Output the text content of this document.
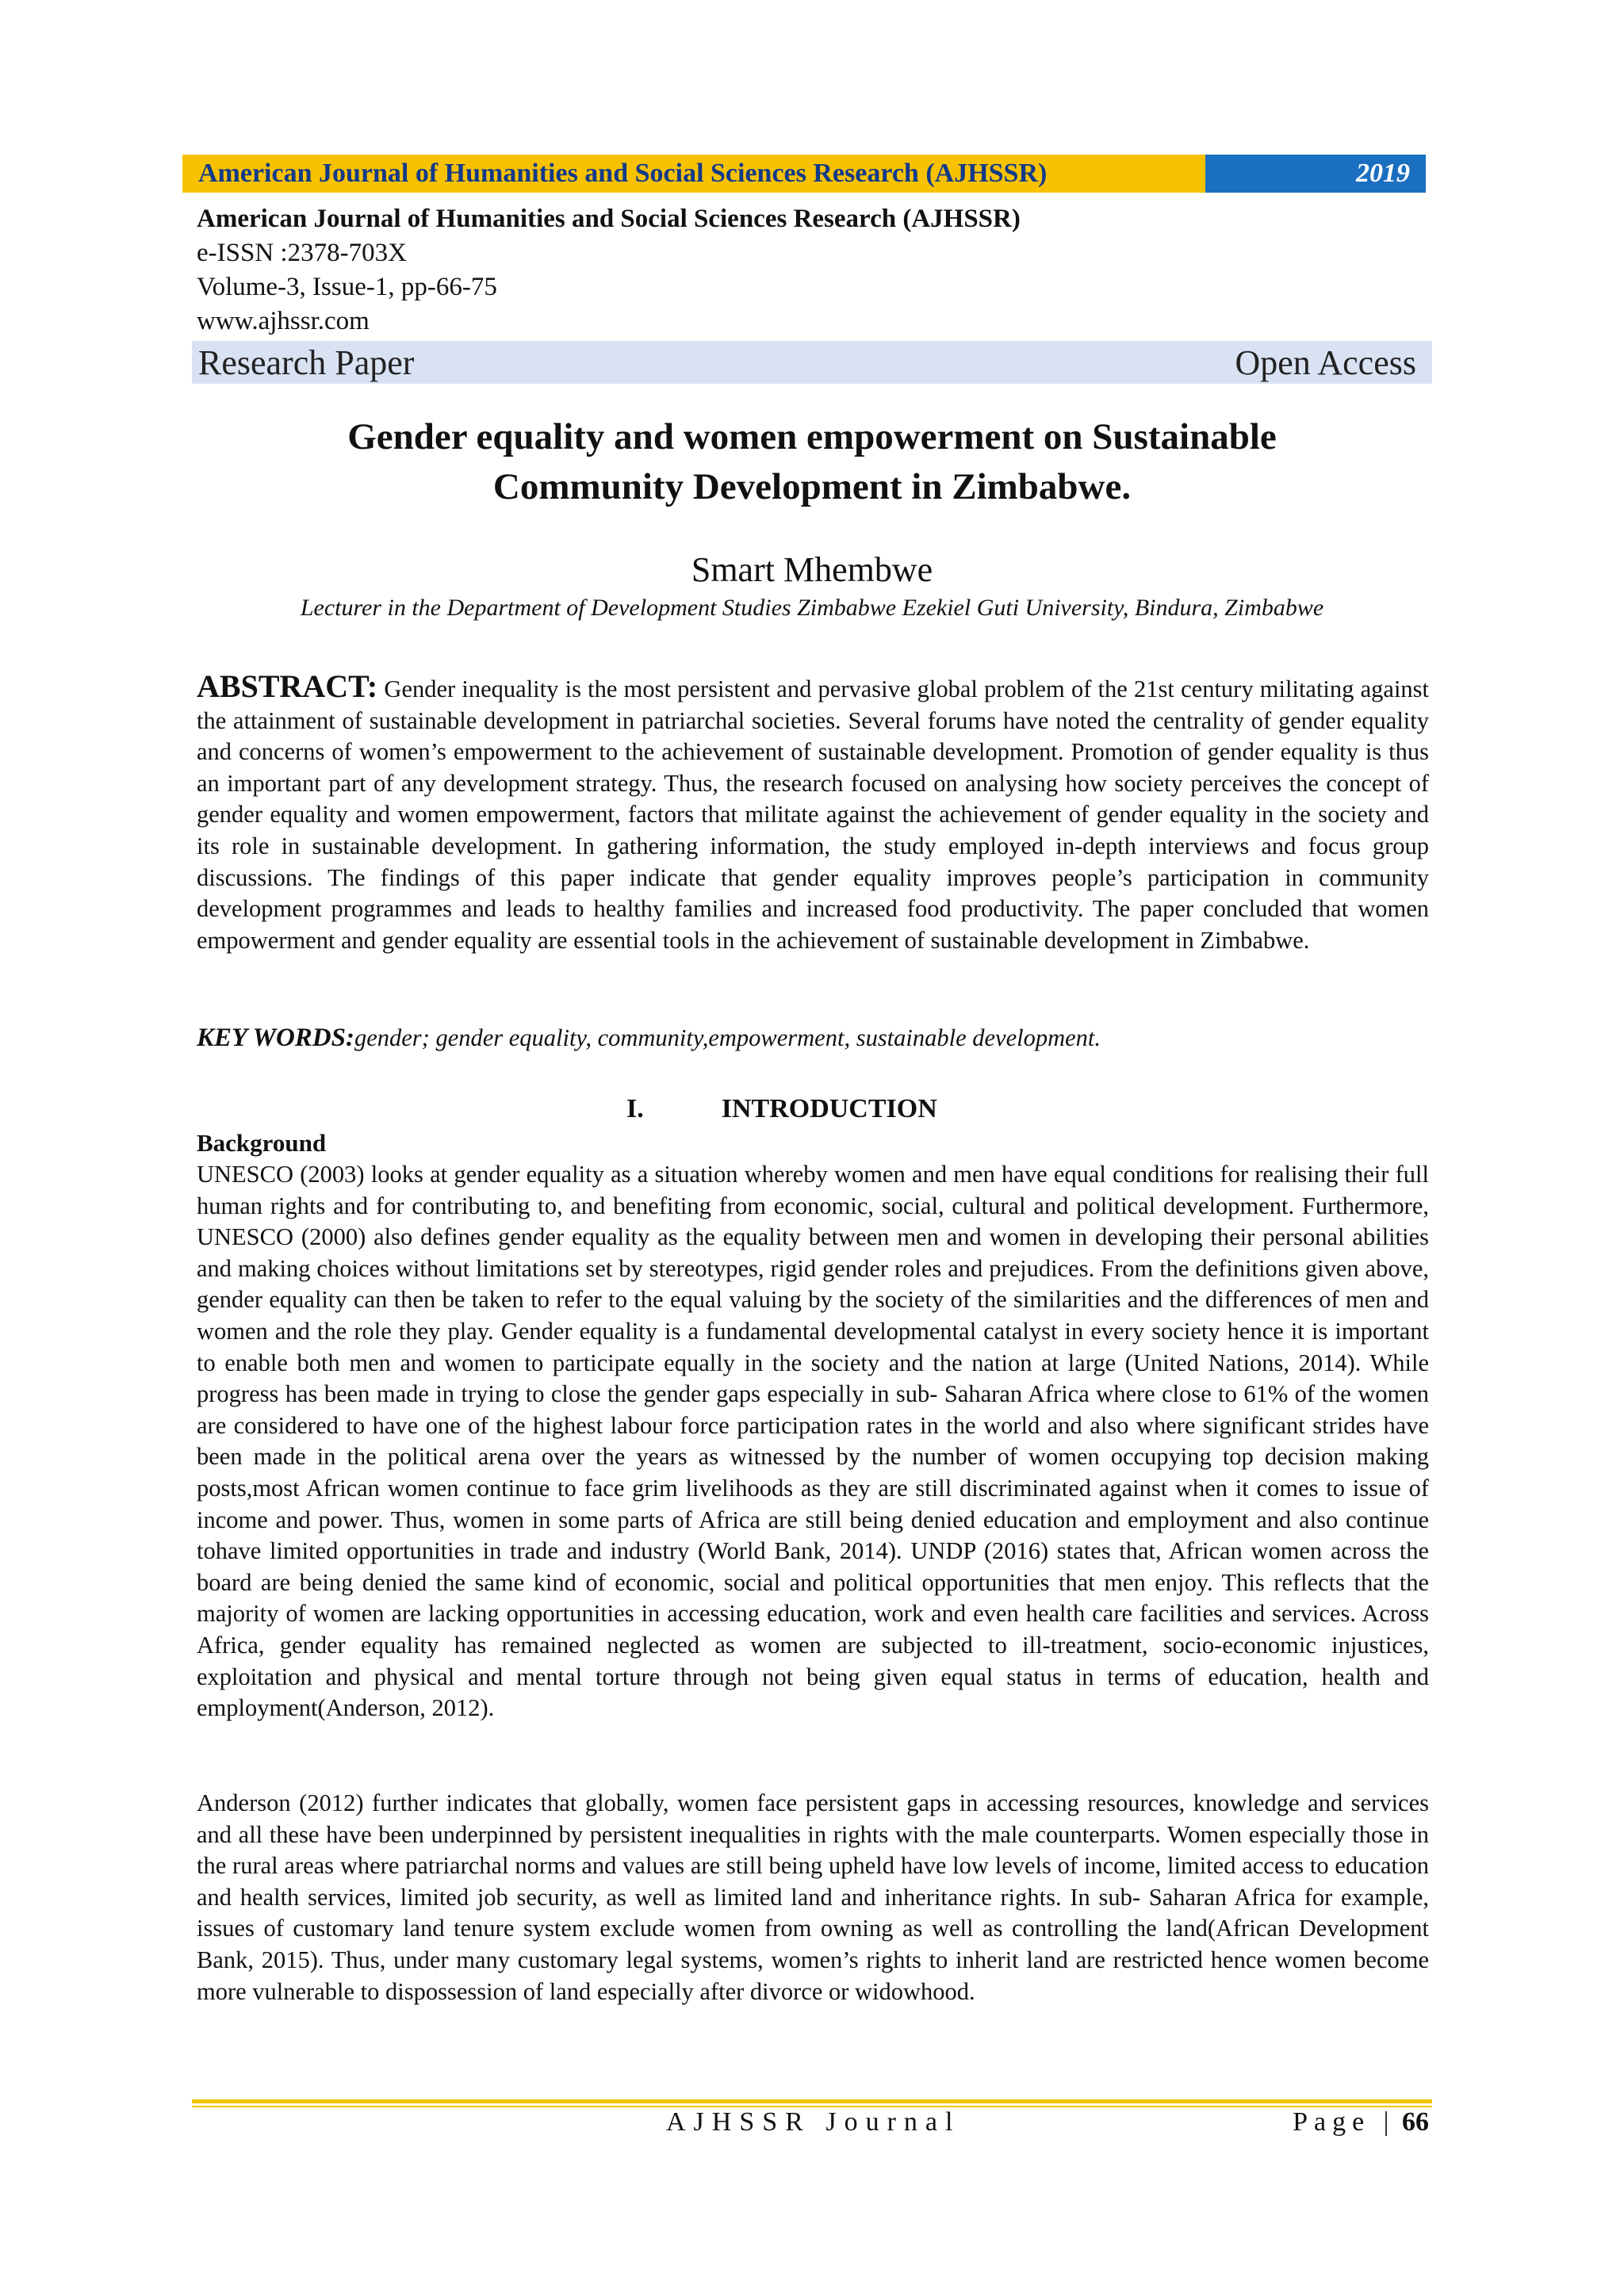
American Journal of Humanities and Social Sciences Research (AJHSSR)	2019
American Journal of Humanities and Social Sciences Research (AJHSSR)
e-ISSN :2378-703X
Volume-3, Issue-1, pp-66-75
www.ajhssr.com
Research Paper	Open Access
Gender equality and women empowerment on Sustainable
Community Development in Zimbabwe.
Smart Mhembwe
Lecturer in the Department of Development Studies Zimbabwe Ezekiel Guti University, Bindura, Zimbabwe
ABSTRACT: Gender inequality is the most persistent and pervasive global problem of the 21st century militating against the attainment of sustainable development in patriarchal societies. Several forums have noted the centrality of gender equality and concerns of women’s empowerment to the achievement of sustainable development. Promotion of gender equality is thus an important part of any development strategy. Thus, the research focused on analysing how society perceives the concept of gender equality and women empowerment, factors that militate against the achievement of gender equality in the society and its role in sustainable development. In gathering information, the study employed in-depth interviews and focus group discussions. The findings of this paper indicate that gender equality improves people’s participation in community development programmes and leads to healthy families and increased food productivity. The paper concluded that women empowerment and gender equality are essential tools in the achievement of sustainable development in Zimbabwe.
KEY WORDS:gender; gender equality, community,empowerment, sustainable development.
I.	INTRODUCTION
Background
UNESCO (2003) looks at gender equality as a situation whereby women and men have equal conditions for realising their full human rights and for contributing to, and benefiting from economic, social, cultural and political development. Furthermore, UNESCO (2000) also defines gender equality as the equality between men and women in developing their personal abilities and making choices without limitations set by stereotypes, rigid gender roles and prejudices. From the definitions given above, gender equality can then be taken to refer to the equal valuing by the society of the similarities and the differences of men and women and the role they play. Gender equality is a fundamental developmental catalyst in every society hence it is important to enable both men and women to participate equally in the society and the nation at large (United Nations, 2014). While progress has been made in trying to close the gender gaps especially in sub- Saharan Africa where close to 61% of the women are considered to have one of the highest labour force participation rates in the world and also where significant strides have been made in the political arena over the years as witnessed by the number of women occupying top decision making posts,most African women continue to face grim livelihoods as they are still discriminated against when it comes to issue of income and power. Thus, women in some parts of Africa are still being denied education and employment and also continue tohave limited opportunities in trade and industry (World Bank, 2014). UNDP (2016) states that, African women across the board are being denied the same kind of economic, social and political opportunities that men enjoy. This reflects that the majority of women are lacking opportunities in accessing education, work and even health care facilities and services. Across Africa, gender equality has remained neglected as women are subjected to ill-treatment, socio-economic injustices, exploitation and physical and mental torture through not being given equal status in terms of education, health and employment(Anderson, 2012).
Anderson (2012) further indicates that globally, women face persistent gaps in accessing resources, knowledge and services and all these have been underpinned by persistent inequalities in rights with the male counterparts. Women especially those in the rural areas where patriarchal norms and values are still being upheld have low levels of income, limited access to education and health services, limited job security, as well as limited land and inheritance rights. In sub- Saharan Africa for example, issues of customary land tenure system exclude women from owning as well as controlling the land(African Development Bank, 2015). Thus, under many customary legal systems, women’s rights to inherit land are restricted hence women become more vulnerable to dispossession of land especially after divorce or widowhood.
AJHSSR Journal	Page | 66
